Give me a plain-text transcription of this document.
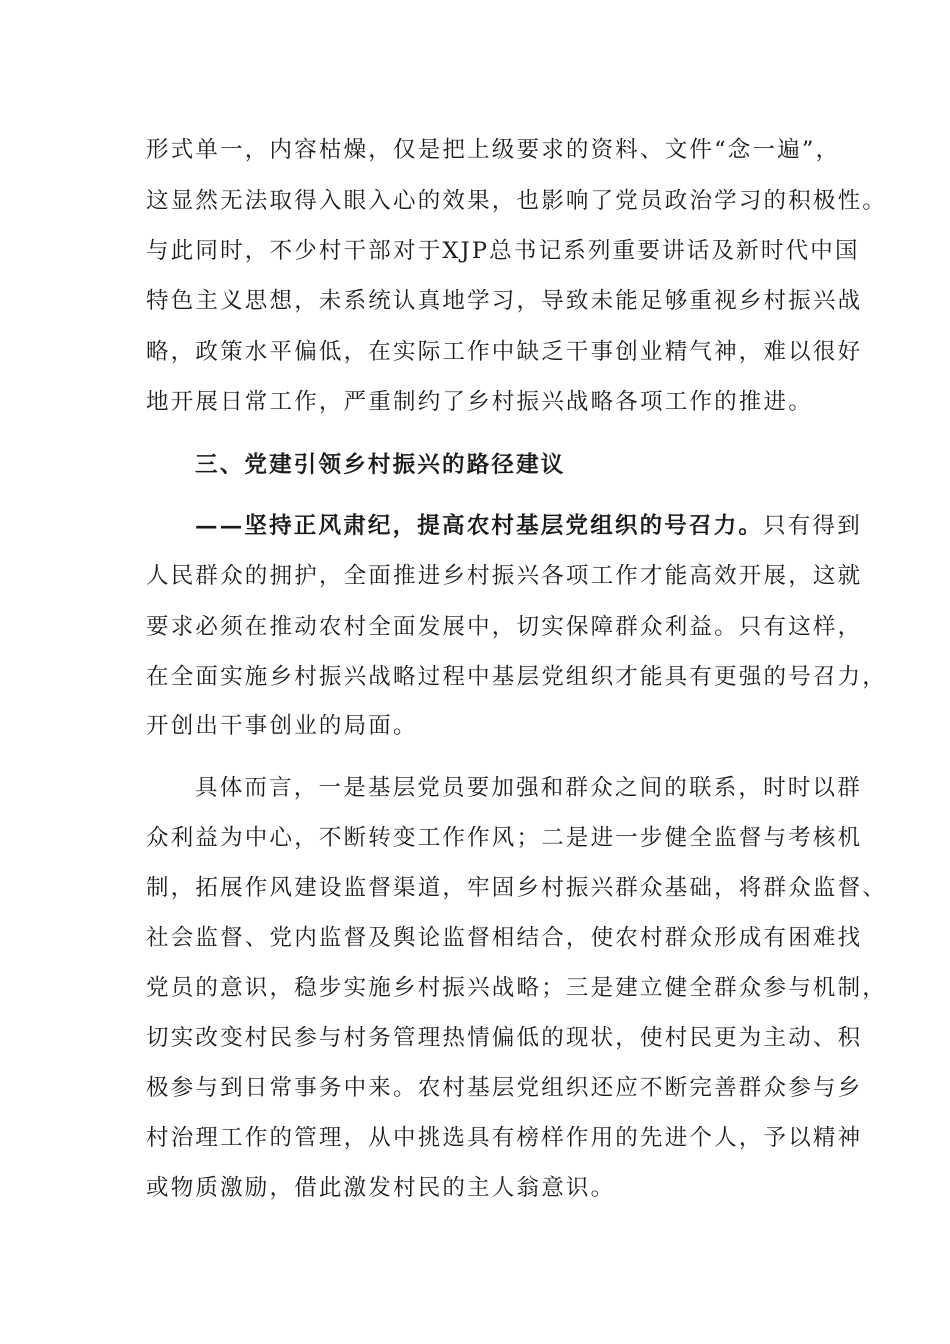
形式单一，内容枯燥，仅是把上级要求的资料、文件“念一遍”，
这显然无法取得入眼入心的效果，也影响了党员政治学习的积极性。
与此同时，不少村干部对于XJP总书记系列重要讲话及新时代中国
特色主义思想，未系统认真地学习，导致未能足够重视乡村振兴战
略，政策水平偏低，在实际工作中缺乏干事创业精气神，难以很好
地开展日常工作，严重制约了乡村振兴战略各项工作的推进。
三、党建引领乡村振兴的路径建议
——坚持正风肃纪，提高农村基层党组织的号召力。只有得到
人民群众的拥护，全面推进乡村振兴各项工作才能高效开展，这就
要求必须在推动农村全面发展中，切实保障群众利益。只有这样，
在全面实施乡村振兴战略过程中基层党组织才能具有更强的号召力，
开创出干事创业的局面。
具体而言，一是基层党员要加强和群众之间的联系，时时以群
众利益为中心，不断转变工作作风；二是进一步健全监督与考核机
制，拓展作风建设监督渠道，牢固乡村振兴群众基础，将群众监督、
社会监督、党内监督及舆论监督相结合，使农村群众形成有困难找
党员的意识，稳步实施乡村振兴战略；三是建立健全群众参与机制，
切实改变村民参与村务管理热情偏低的现状，使村民更为主动、积
极参与到日常事务中来。农村基层党组织还应不断完善群众参与乡
村治理工作的管理，从中挑选具有榜样作用的先进个人，予以精神
或物质激励，借此激发村民的主人翁意识。
